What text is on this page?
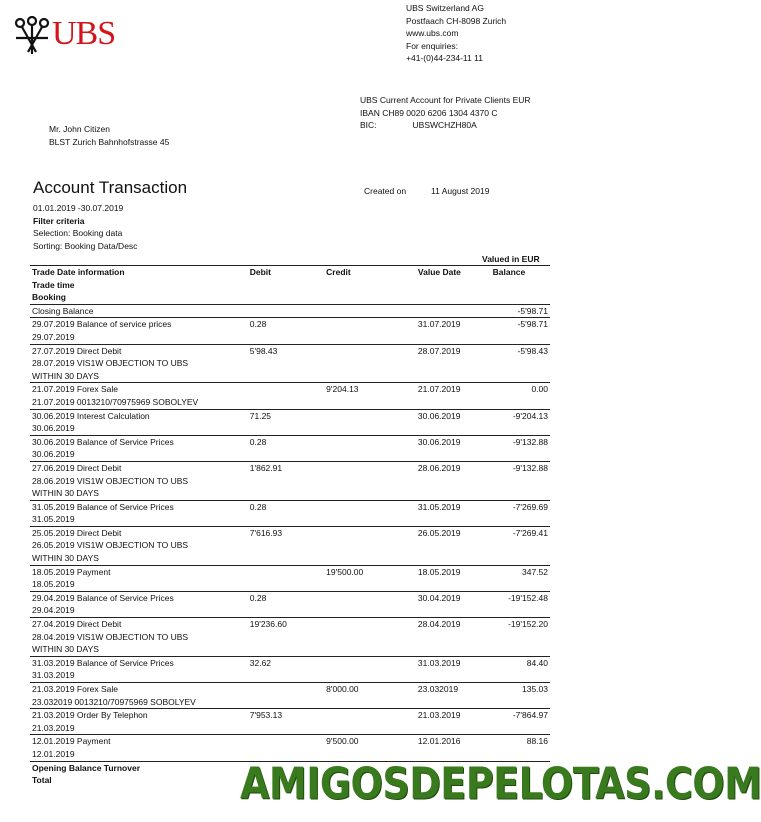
UBS
UBS Switzerland AG
Postfaach CH-8098 Zurich
www.ubs.com
For enquiries:
+41-(0)44-234-11 11
UBS Current Account for Private Clients EUR
IBAN CH89 0020 6206 1304 4370 C
BIC:	UBSWCHZH80A
Mr. John Citizen
BLST Zurich Bahnhofstrasse 45
Account Transaction	Created on	11 August 2019
01.01.2019 -30.07.2019
Filter criteria
Selection: Booking data
Sorting: Booking Data/Desc
Valued in EUR
Trade Date information	Debit	Credit	Value Date	Balance
Trade time				
Booking				
Closing Balance				-5'98.71
29.07.2019 Balance of service prices	0.28		31.07.2019	-5'98.71
29.07.2019				
27.07.2019 Direct Debit	5'98.43		28.07.2019	-5'98.43
28.07.2019 VIS1W OBJECTION TO UBS				
WITHIN 30 DAYS				
21.07.2019 Forex Sale		9'204.13	21.07.2019	0.00
21.07.2019 0013210/70975969 SOBOLYEV				
30.06.2019 Interest Calculation	71.25		30.06.2019	-9'204.13
30.06.2019				
30.06.2019 Balance of Service Prices	0.28		30.06.2019	-9'132.88
30.06.2019				
27.06.2019 Direct Debit	1'862.91		28.06.2019	-9'132.88
28.06.2019 VIS1W OBJECTION TO UBS				
WITHIN 30 DAYS				
31.05.2019 Balance of Service Prices	0.28		31.05.2019	-7'269.69
31.05.2019				
25.05.2019 Direct Debit	7'616.93		26.05.2019	-7'269.41
26.05.2019 VIS1W OBJECTION TO UBS				
WITHIN 30 DAYS				
18.05.2019 Payment		19'500.00	18.05.2019	347.52
18.05.2019				
29.04.2019 Balance of Service Prices	0.28		30.04.2019	-19'152.48
29.04.2019				
27.04.2019 Direct Debit	19'236.60		28.04.2019	-19'152.20
28.04.2019 VIS1W OBJECTION TO UBS				
WITHIN 30 DAYS				
31.03.2019 Balance of Service Prices	32.62		31.03.2019	84.40
31.03.2019				
21.03.2019 Forex Sale		8'000.00	23.032019	135.03
23.032019 0013210/70975969 SOBOLYEV				
21.03.2019 Order By Telephon	7'953.13		21.03.2019	-7'864.97
21.03.2019				
12.01.2019 Payment		9'500.00	12.01.2016	88.16
12.01.2019				
Opening Balance Turnover				
Total					AMIGOSDEPELOTAS.COM
